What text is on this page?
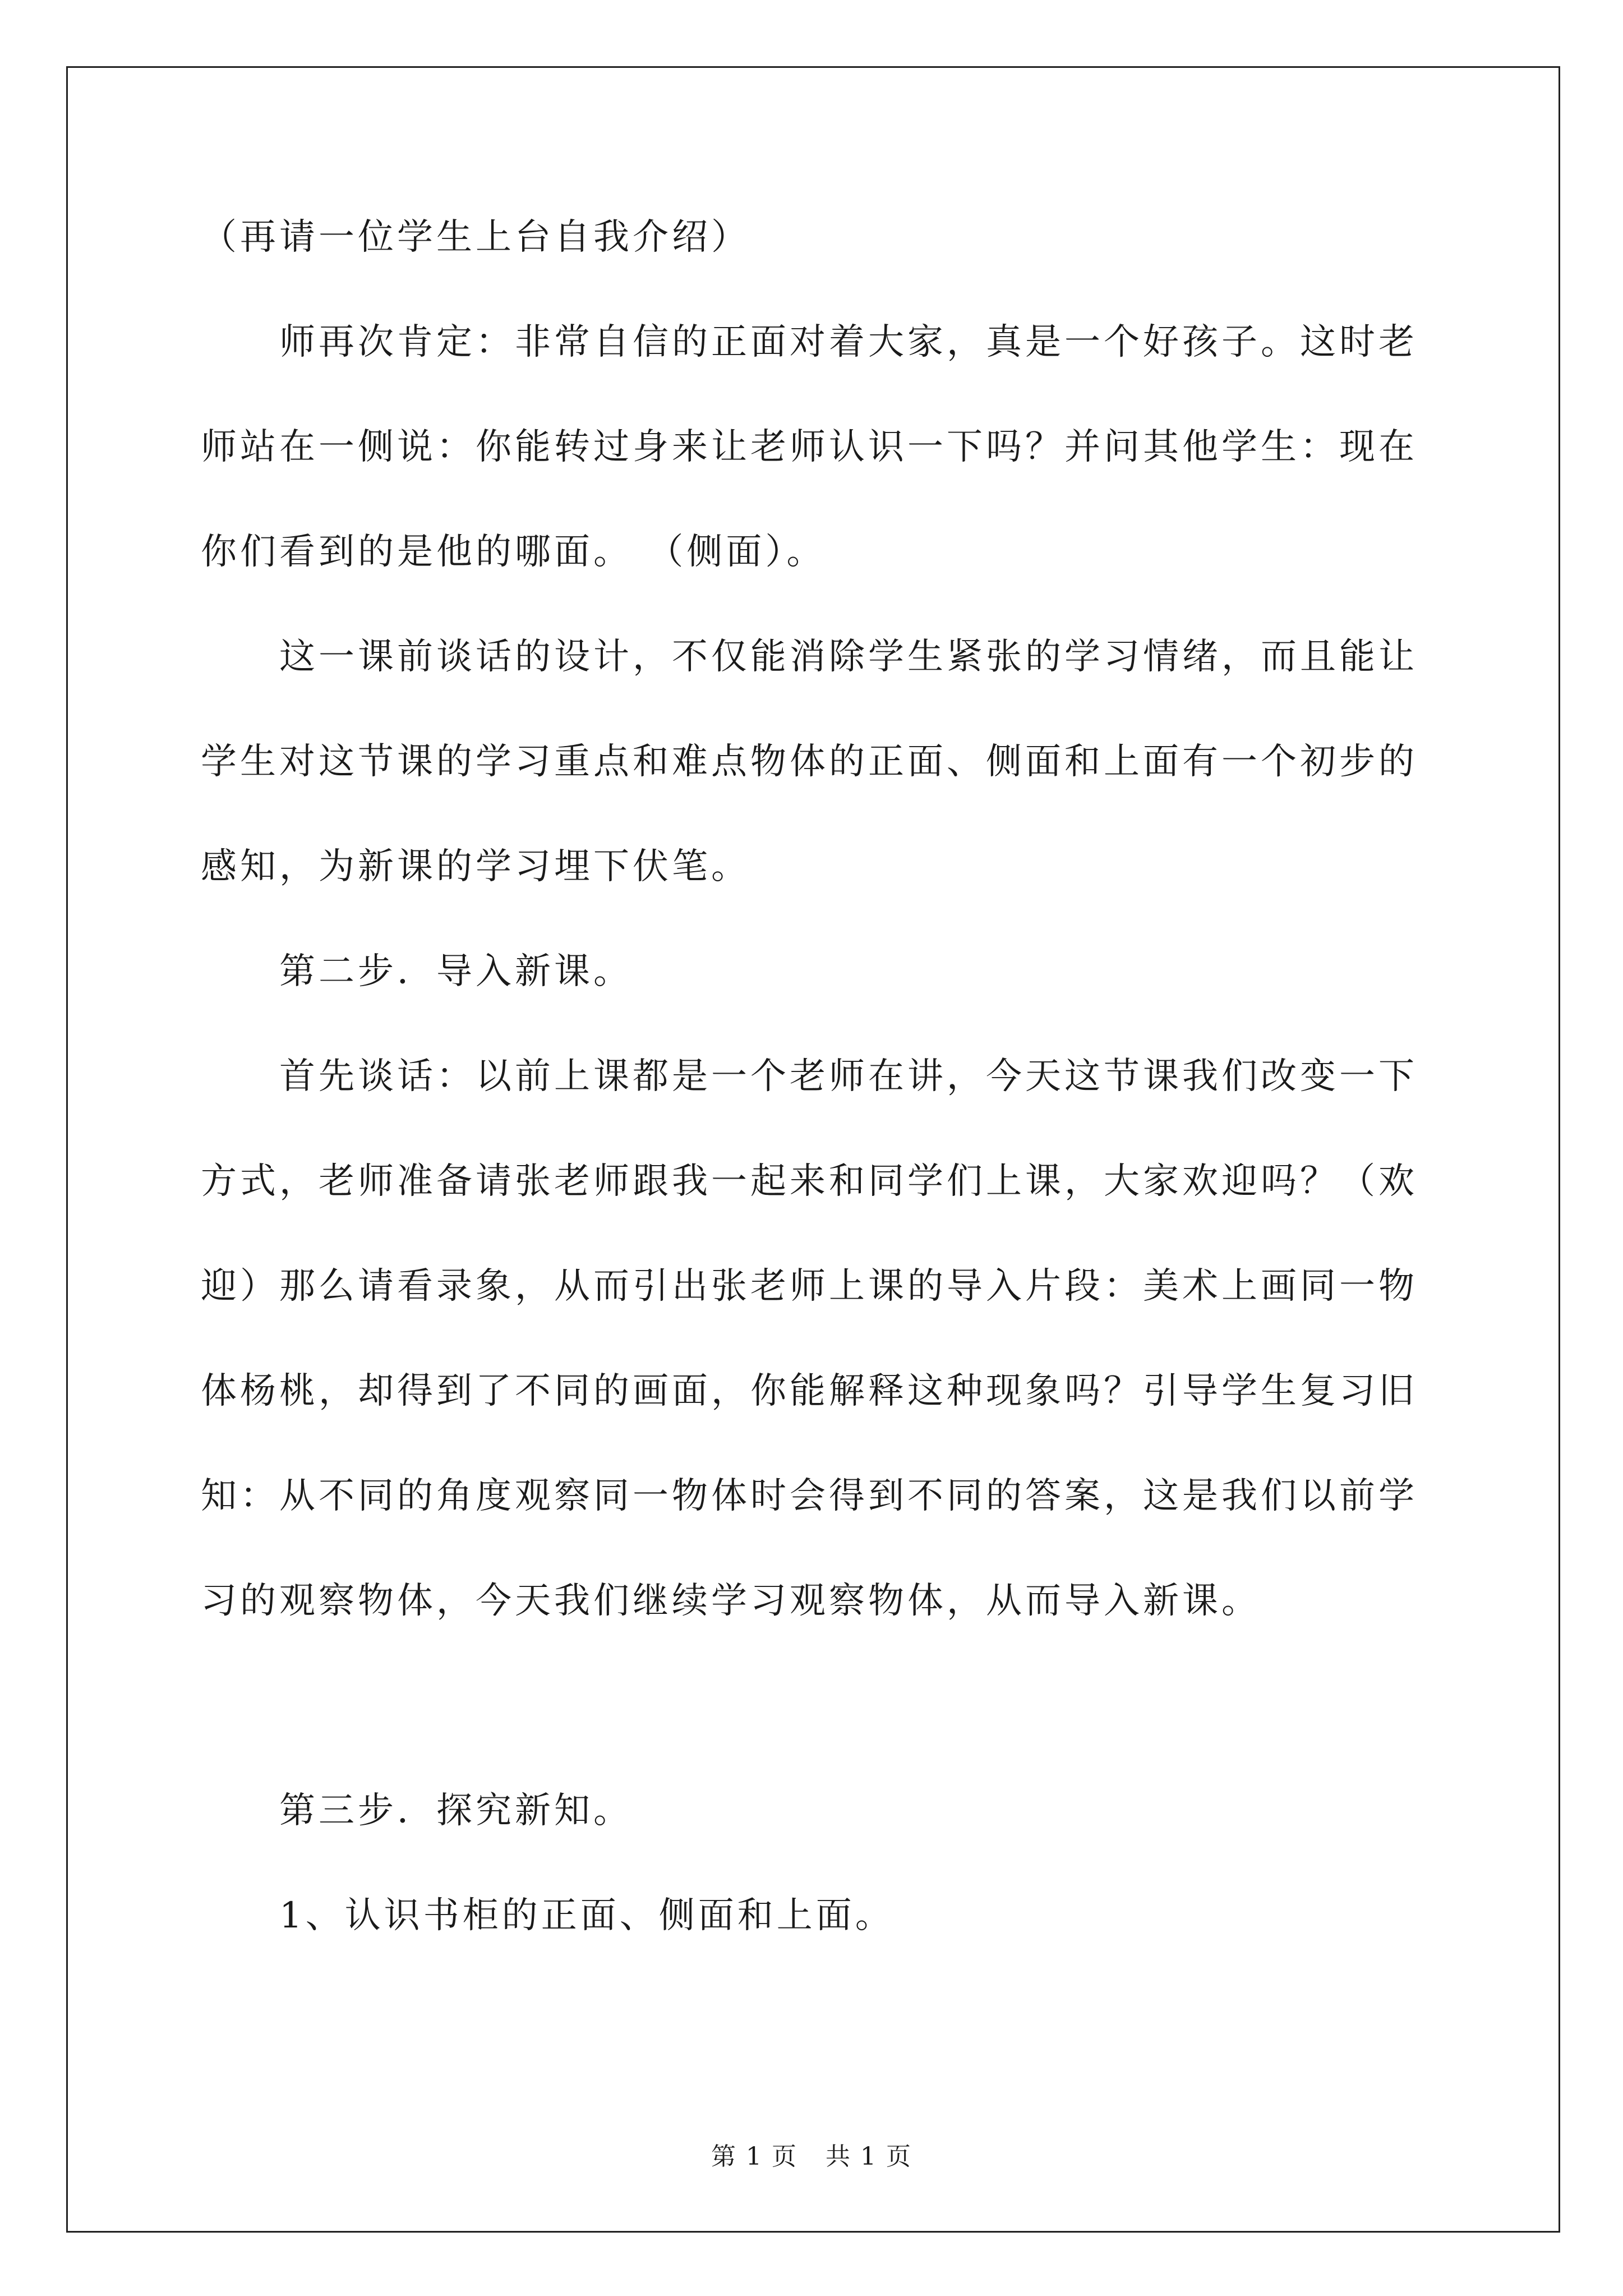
（再请一位学生上台自我介绍）

师再次肯定：非常自信的正面对着大家，真是一个好孩子。这时老师站在一侧说：你能转过身来让老师认识一下吗？并问其他学生：现在你们看到的是他的哪面。 （侧面）。

这一课前谈话的设计，不仅能消除学生紧张的学习情绪，而且能让学生对这节课的学习重点和难点物体的正面、侧面和上面有一个初步的感知，为新课的学习埋下伏笔。

第二步．导入新课。

首先谈话：以前上课都是一个老师在讲，今天这节课我们改变一下方式，老师准备请张老师跟我一起来和同学们上课，大家欢迎吗？（欢迎）那么请看录象，从而引出张老师上课的导入片段：美术上画同一物体杨桃，却得到了不同的画面，你能解释这种现象吗？引导学生复习旧知：从不同的角度观察同一物体时会得到不同的答案，这是我们以前学习的观察物体，今天我们继续学习观察物体，从而导入新课。

第三步．探究新知。

1、认识书柜的正面、侧面和上面。

第 1 页 共 1 页
